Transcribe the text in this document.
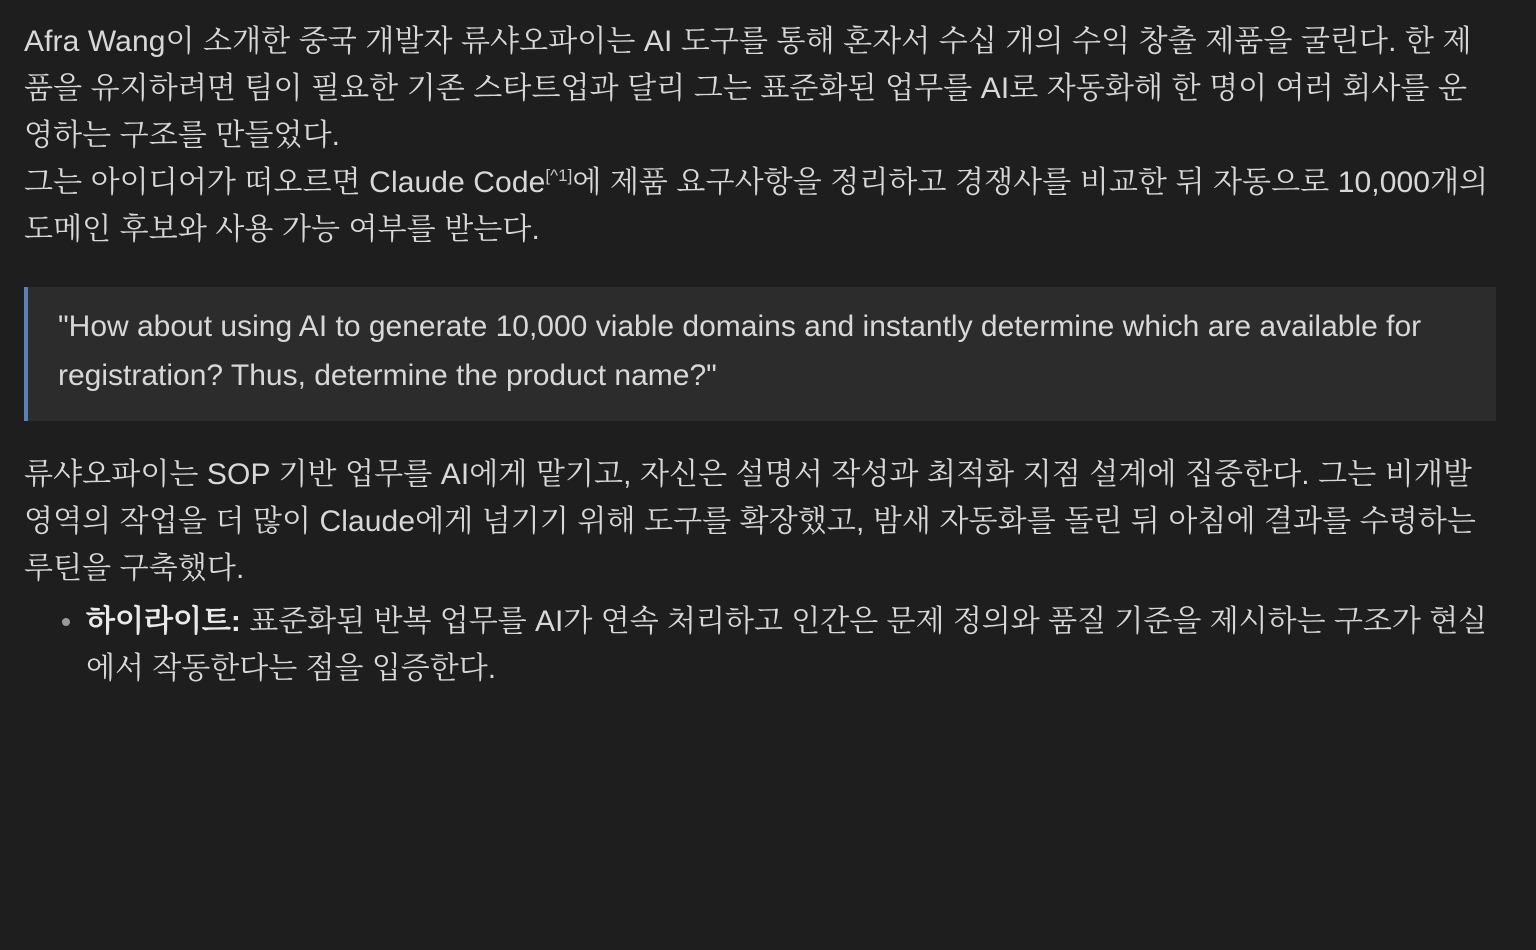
Afra Wang이 소개한 중국 개발자 류샤오파이는 AI 도구를 통해 혼자서 수십 개의 수익 창출 제품을 굴린다. 한 제품을 유지하려면 팀이 필요한 기존 스타트업과 달리 그는 표준화된 업무를 AI로 자동화해 한 명이 여러 회사를 운영하는 구조를 만들었다.

그는 아이디어가 떠오르면 Claude Code[^1]에 제품 요구사항을 정리하고 경쟁사를 비교한 뒤 자동으로 10,000개의 도메인 후보와 사용 가능 여부를 받는다.

"How about using AI to generate 10,000 viable domains and instantly determine which are available for registration? Thus, determine the product name?"

류샤오파이는 SOP 기반 업무를 AI에게 맡기고, 자신은 설명서 작성과 최적화 지점 설계에 집중한다. 그는 비개발 영역의 작업을 더 많이 Claude에게 넘기기 위해 도구를 확장했고, 밤새 자동화를 돌린 뒤 아침에 결과를 수령하는 루틴을 구축했다.

하이라이트: 표준화된 반복 업무를 AI가 연속 처리하고 인간은 문제 정의와 품질 기준을 제시하는 구조가 현실에서 작동한다는 점을 입증한다.
